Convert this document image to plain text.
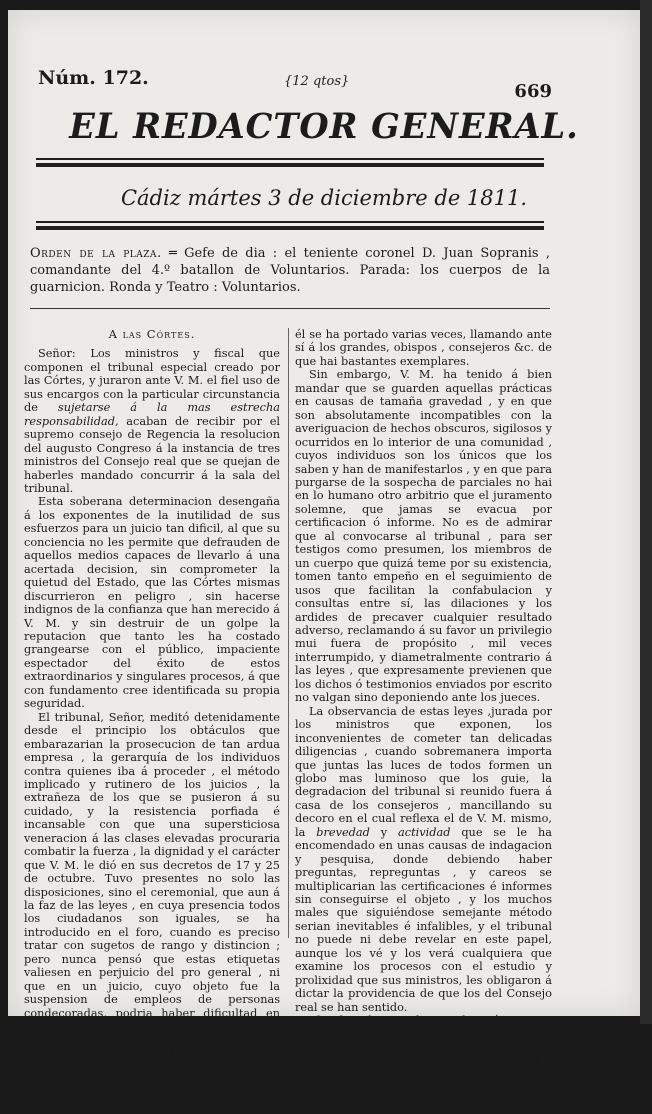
Núm. 172.	{12 qtos}	669
EL REDACTOR GENERAL.
Cádiz mártes 3 de diciembre de 1811.
Orden de la plaza. ═ Gefe de dia : el teniente coronel D. Juan Sopranis , comandante del 4.º batallon de Voluntarios. Parada: los cuerpos de la guarnicion. Ronda y Teatro : Voluntarios.
A las Córtes.

Señor: Los ministros y fiscal que componen el tribunal especial creado por las Córtes, y juraron ante V. M. el fiel uso de sus encargos con la particular circunstancia de sujetarse á la mas estrecha responsabilidad, acaban de recibir por el supremo consejo de Regencia la resolucion del augusto Congreso á la instancia de tres ministros del Consejo real que se quejan de haberles mandado concurrir á la sala del tribunal.

Esta soberana determinacion desengaña á los exponentes de la inutilidad de sus esfuerzos para un juicio tan dificil, al que su conciencia no les permite que defrauden de aquellos medios capaces de llevarlo á una acertada decision, sin comprometer la quietud del Estado, que las Córtes mismas discurrieron en peligro , sin hacerse indignos de la confianza que han merecido á V. M. y sin destruir de un golpe la reputacion que tanto les ha costado grangearse con el público, impaciente espectador del éxito de estos extraordinarios y singulares procesos, á que con fundamento cree identificada su propia seguridad.

El tribunal, Señor, meditó detenidamente desde el principio los obtáculos que embarazarian la prosecucion de tan ardua empresa , la gerarquía de los individuos contra quienes iba á proceder , el método implicado y rutinero de los juicios , la extrañeza de los que se pusieron á su cuidado, y la resistencia porfiada é incansable con que una supersticiosa veneracion á las clases elevadas procuraria combatir la fuerza , la dignidad y el carácter que V. M. le dió en sus decretos de 17 y 25 de octubre. Tuvo presentes no solo las disposiciones, sino el ceremonial, que aun á la faz de las leyes , en cuya presencia todos los ciudadanos son iguales, se ha introducido en el foro, cuando es preciso tratar con sugetos de rango y distincion ; pero nunca pensó que estas etiquetas valiesen en perjuicio del pro general , ni que en un juicio, cuyo objeto fue la suspension de empleos de personas condecoradas, podria haber dificultad en desviarse de cortesías vanas y enfadosas que existen por abuso, ó porque las inventaron los mismos que las disfrutan, y quebrantan á su gusto y conveniencia. Finalmente consideró que habiéndosele concedido obrar á estilo del Consejo real, podia portarse como

él se ha portado varias veces, llamando ante sí á los grandes, obispos , consejeros &c. de que hai bastantes exemplares.

Sin embargo, V. M. ha tenido á bien mandar que se guarden aquellas prácticas en causas de tamaña gravedad , y en que son absolutamente incompatibles con la averiguacion de hechos obscuros, sigilosos y ocurridos en lo interior de una comunidad , cuyos individuos son los únicos que los saben y han de manifestarlos , y en que para purgarse de la sospecha de parciales no hai en lo humano otro arbitrio que el juramento solemne, que jamas se evacua por certificacion ó informe. No es de admirar que al convocarse al tribunal , para ser testigos como presumen, los miembros de un cuerpo que quizá teme por su existencia, tomen tanto empeño en el seguimiento de usos que facilitan la confabulacion y consultas entre sí, las dilaciones y los ardides de precaver cualquier resultado adverso, reclamando á su favor un privilegio mui fuera de propósito , mil veces interrumpido, y diametralmente contrario á las leyes , que expresamente previenen que los dichos ó testimonios enviados por escrito no valgan sino deponiendo ante los jueces.

La observancia de estas leyes ,jurada por los ministros que exponen, los inconvenientes de cometer tan delicadas diligencias , cuando sobremanera importa que juntas las luces de todos formen un globo mas luminoso que los guie, la degradacion del tribunal si reunido fuera á casa de los consejeros , mancillando su decoro en el cual reflexa el de V. M. mismo, la brevedad y actividad que se le ha encomendado en unas causas de indagacion y pesquisa, donde debiendo haber preguntas, repreguntas , y careos se multiplicarian las certificaciones é informes sin conseguirse el objeto , y los muchos males que siguiéndose semejante método serian inevitables é infalibles, y el tribunal no puede ni debe revelar en este papel, aunque los vé y los verá cualquiera que examine los procesos con el estudio y prolixidad que sus ministros, les obligaron á dictar la providencia de que los del Consejo real se han sentido.

El tribunal esperaba que las Córtes, que lo realzaron hasta la independencia de las Córtes mismas en el exercicio de sus funciones, le hubieran hecho la justicia de creer que proce-
